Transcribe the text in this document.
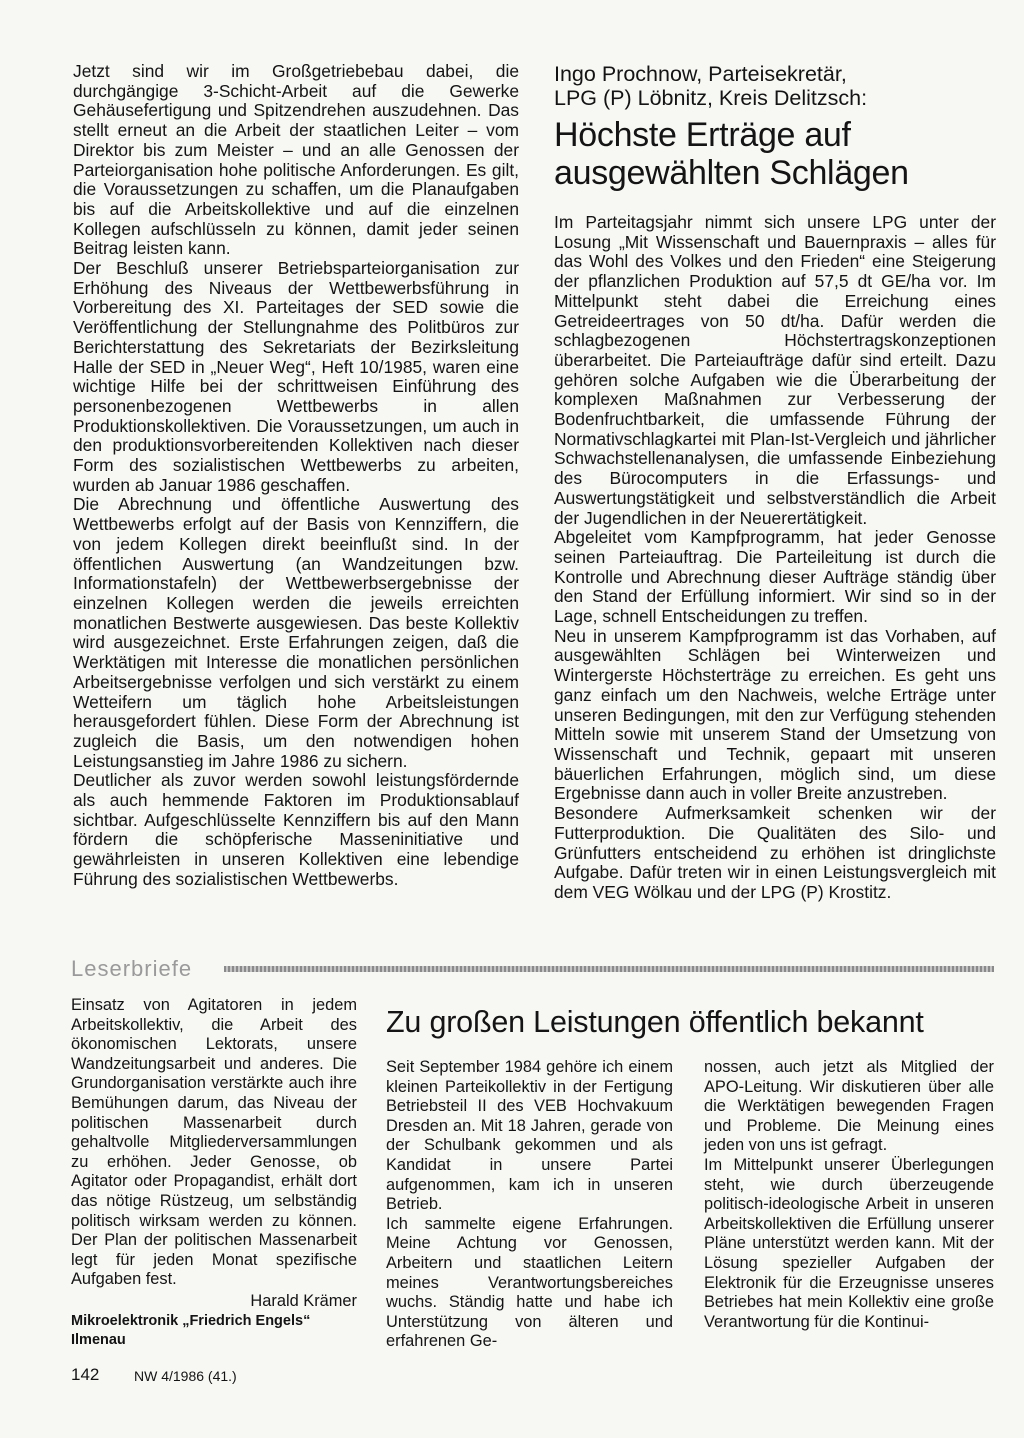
Jetzt sind wir im Großgetriebebau dabei, die durchgängige 3-Schicht-Arbeit auf die Gewerke Gehäusefertigung und Spitzendrehen auszudehnen. Das stellt erneut an die Arbeit der staatlichen Leiter – vom Direktor bis zum Meister – und an alle Genossen der Parteiorganisation hohe politische Anforderungen. Es gilt, die Voraussetzungen zu schaffen, um die Planaufgaben bis auf die Arbeitskollektive und auf die einzelnen Kollegen aufschlüsseln zu können, damit jeder seinen Beitrag leisten kann.

Der Beschluß unserer Betriebsparteiorganisation zur Erhöhung des Niveaus der Wettbewerbsführung in Vorbereitung des XI. Parteitages der SED sowie die Veröffentlichung der Stellungnahme des Politbüros zur Berichterstattung des Sekretariats der Bezirksleitung Halle der SED in „Neuer Weg“, Heft 10/1985, waren eine wichtige Hilfe bei der schrittweisen Einführung des personenbezogenen Wettbewerbs in allen Produktionskollektiven. Die Voraussetzungen, um auch in den produktionsvorbereitenden Kollektiven nach dieser Form des sozialistischen Wettbewerbs zu arbeiten, wurden ab Januar 1986 geschaffen.

Die Abrechnung und öffentliche Auswertung des Wettbewerbs erfolgt auf der Basis von Kennziffern, die von jedem Kollegen direkt beeinflußt sind. In der öffentlichen Auswertung (an Wandzeitungen bzw. Informationstafeln) der Wettbewerbsergebnisse der einzelnen Kollegen werden die jeweils erreichten monatlichen Bestwerte ausgewiesen. Das beste Kollektiv wird ausgezeichnet. Erste Erfahrungen zeigen, daß die Werktätigen mit Interesse die monatlichen persönlichen Arbeitsergebnisse verfolgen und sich verstärkt zu einem Wetteifern um täglich hohe Arbeitsleistungen herausgefordert fühlen. Diese Form der Abrechnung ist zugleich die Basis, um den notwendigen hohen Leistungsanstieg im Jahre 1986 zu sichern.

Deutlicher als zuvor werden sowohl leistungsfördernde als auch hemmende Faktoren im Produktionsablauf sichtbar. Aufgeschlüsselte Kennziffern bis auf den Mann fördern die schöpferische Masseninitiative und gewährleisten in unseren Kollektiven eine lebendige Führung des sozialistischen Wettbewerbs.

Ingo Prochnow, Parteisekretär,

LPG (P) Löbnitz, Kreis Delitzsch:

Höchste Erträge auf
ausgewählten Schlägen

Im Parteitagsjahr nimmt sich unsere LPG unter der Losung „Mit Wissenschaft und Bauernpraxis – alles für das Wohl des Volkes und den Frieden“ eine Steigerung der pflanzlichen Produktion auf 57,5 dt GE/ha vor. Im Mittelpunkt steht dabei die Erreichung eines Getreideertrages von 50 dt/ha. Dafür werden die schlagbezogenen Höchstertragskonzeptionen überarbeitet. Die Parteiaufträge dafür sind erteilt. Dazu gehören solche Aufgaben wie die Überarbeitung der komplexen Maßnahmen zur Verbesserung der Bodenfruchtbarkeit, die umfassende Führung der Normativschlagkartei mit Plan-Ist-Vergleich und jährlicher Schwachstellenanalysen, die umfassende Einbeziehung des Bürocomputers in die Erfassungs- und Auswertungstätigkeit und selbstverständlich die Arbeit der Jugendlichen in der Neuerertätigkeit.

Abgeleitet vom Kampfprogramm, hat jeder Genosse seinen Parteiauftrag. Die Parteileitung ist durch die Kontrolle und Abrechnung dieser Aufträge ständig über den Stand der Erfüllung informiert. Wir sind so in der Lage, schnell Entscheidungen zu treffen.

Neu in unserem Kampfprogramm ist das Vorhaben, auf ausgewählten Schlägen bei Winterweizen und Wintergerste Höchsterträge zu erreichen. Es geht uns ganz einfach um den Nachweis, welche Erträge unter unseren Bedingungen, mit den zur Verfügung stehenden Mitteln sowie mit unserem Stand der Umsetzung von Wissenschaft und Technik, gepaart mit unseren bäuerlichen Erfahrungen, möglich sind, um diese Ergebnisse dann auch in voller Breite anzustreben.

Besondere Aufmerksamkeit schenken wir der Futterproduktion. Die Qualitäten des Silo- und Grünfutters entscheidend zu erhöhen ist dringlichste Aufgabe. Dafür treten wir in einen Leistungsvergleich mit dem VEG Wölkau und der LPG (P) Krostitz.

Leserbriefe

Einsatz von Agitatoren in jedem Arbeitskollektiv, die Arbeit des ökonomischen Lektorats, unsere Wandzeitungsarbeit und anderes. Die Grundorganisation verstärkte auch ihre Bemühungen darum, das Niveau der politischen Massenarbeit durch gehaltvolle Mitgliederversammlungen zu erhöhen. Jeder Genosse, ob Agitator oder Propagandist, erhält dort das nötige Rüstzeug, um selbständig politisch wirksam werden zu können. Der Plan der politischen Massenarbeit legt für jeden Monat spezifische Aufgaben fest.

Harald Krämer

Mikroelektronik „Friedrich Engels“ Ilmenau

Zu großen Leistungen öffentlich bekannt

Seit September 1984 gehöre ich einem kleinen Parteikollektiv in der Fertigung Betriebsteil II des VEB Hochvakuum Dresden an. Mit 18 Jahren, gerade von der Schulbank gekommen und als Kandidat in unsere Partei aufgenommen, kam ich in unseren Betrieb.

Ich sammelte eigene Erfahrungen. Meine Achtung vor Genossen, Arbeitern und staatlichen Leitern meines Verantwortungsbereiches wuchs. Ständig hatte und habe ich Unterstützung von älteren und erfahrenen Ge-

nossen, auch jetzt als Mitglied der APO-Leitung. Wir diskutieren über alle die Werktätigen bewegenden Fragen und Probleme. Die Meinung eines jeden von uns ist gefragt.

Im Mittelpunkt unserer Überlegungen steht, wie durch überzeugende politisch-ideologische Arbeit in unseren Arbeitskollektiven die Erfüllung unserer Pläne unterstützt werden kann. Mit der Lösung spezieller Aufgaben der Elektronik für die Erzeugnisse unseres Betriebes hat mein Kollektiv eine große Verantwortung für die Kontinui-

142 NW 4/1986 (41.)
